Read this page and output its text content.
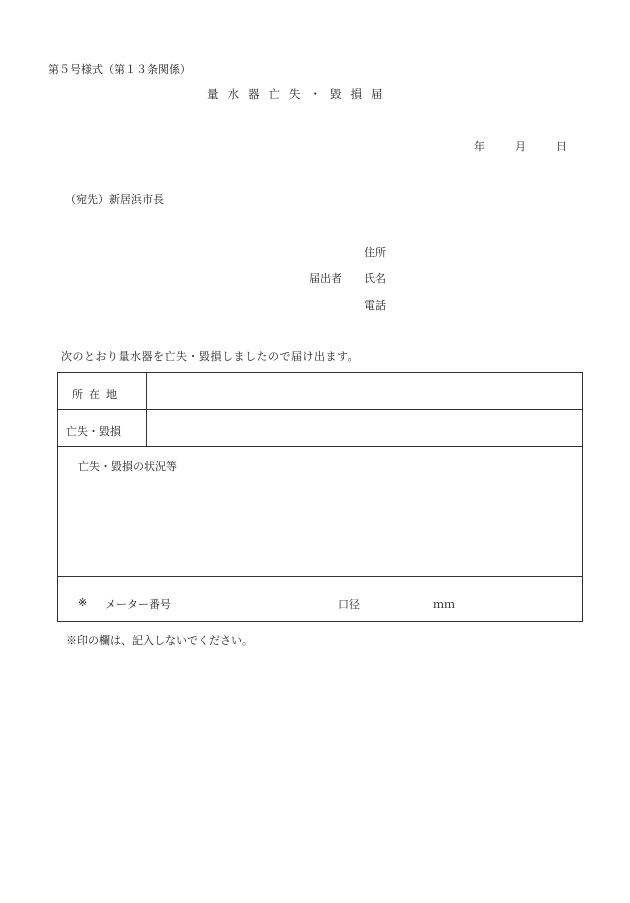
第５号様式（第１３条関係）
量水器亡失・毀損届
年	月	日
（宛先）新居浜市長
住所
届出者 氏名
電話
次のとおり量水器を亡失・毀損しましたので届け出ます。
所在地
亡失・毀損
亡失・毀損の状況等
※ メーター番号	口径	ｍｍ
※印の欄は、記入しないでください。
